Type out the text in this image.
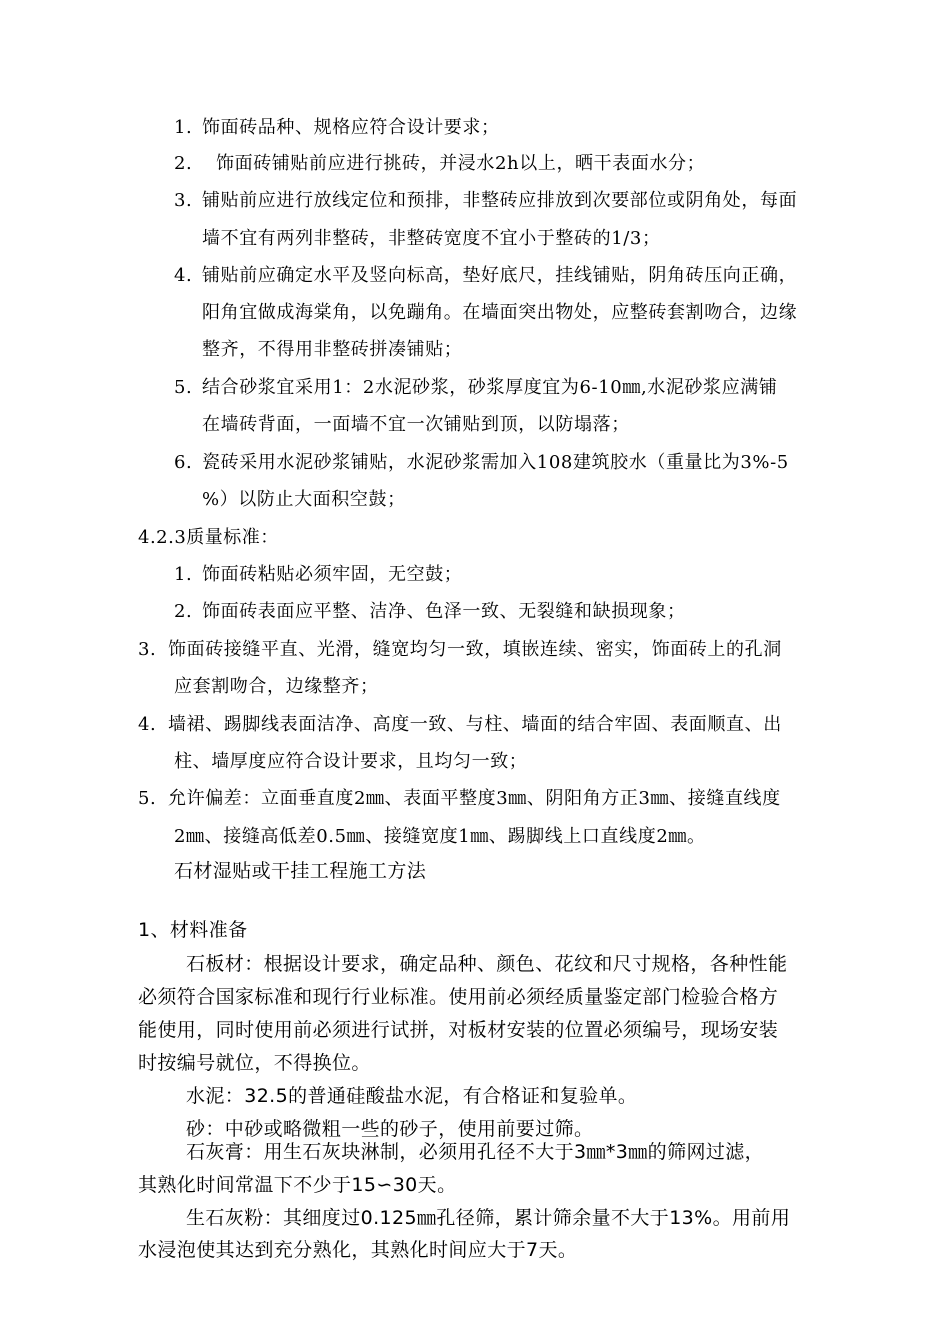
1. 饰面砖品种、规格应符合设计要求；
2. 饰面砖铺贴前应进行挑砖，并浸水2h以上，晒干表面水分；
3. 铺贴前应进行放线定位和预排，非整砖应排放到次要部位或阴角处，每面
墙不宜有两列非整砖，非整砖宽度不宜小于整砖的1/3；
4. 铺贴前应确定水平及竖向标高，垫好底尺，挂线铺贴，阴角砖压向正确，
阳角宜做成海棠角，以免蹦角。在墙面突出物处，应整砖套割吻合，边缘
整齐，不得用非整砖拼凑铺贴；
5. 结合砂浆宜采用1：2水泥砂浆，砂浆厚度宜为6-10㎜,水泥砂浆应满铺
在墙砖背面，一面墙不宜一次铺贴到顶，以防塌落；
6. 瓷砖采用水泥砂浆铺贴，水泥砂浆需加入108建筑胶水（重量比为3%-5
%）以防止大面积空鼓；
4.2.3质量标准：
1. 饰面砖粘贴必须牢固，无空鼓；
2. 饰面砖表面应平整、洁净、色泽一致、无裂缝和缺损现象；
3. 饰面砖接缝平直、光滑，缝宽均匀一致，填嵌连续、密实，饰面砖上的孔洞
应套割吻合，边缘整齐；
4. 墙裙、踢脚线表面洁净、高度一致、与柱、墙面的结合牢固、表面顺直、出
柱、墙厚度应符合设计要求，且均匀一致；
5. 允许偏差：立面垂直度2㎜、表面平整度3㎜、阴阳角方正3㎜、接缝直线度
2㎜、接缝高低差0.5㎜、接缝宽度1㎜、踢脚线上口直线度2㎜。
石材湿贴或干挂工程施工方法
1、材料准备
石板材：根据设计要求，确定品种、颜色、花纹和尺寸规格，各种性能
必须符合国家标准和现行行业标准。使用前必须经质量鉴定部门检验合格方
能使用，同时使用前必须进行试拼，对板材安装的位置必须编号，现场安装
时按编号就位，不得换位。
水泥：32.5的普通硅酸盐水泥，有合格证和复验单。
砂：中砂或略微粗一些的砂子，使用前要过筛。
石灰膏：用生石灰块淋制，必须用孔径不大于3㎜*3㎜的筛网过滤，
其熟化时间常温下不少于15∽30天。
生石灰粉：其细度过0.125㎜孔径筛，累计筛余量不大于13%。用前用
水浸泡使其达到充分熟化，其熟化时间应大于7天。
